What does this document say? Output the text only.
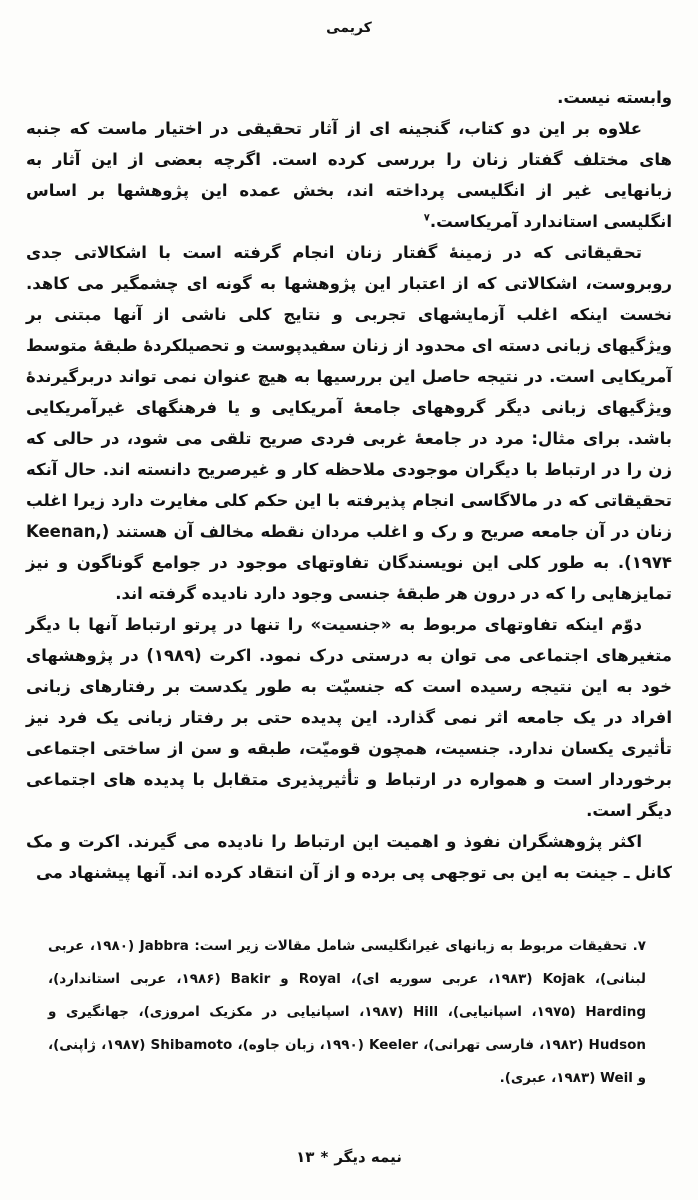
کریمی

وابسته نیست.

علاوه بر این دو کتاب، گنجینه ای از آثار تحقیقی در اختیار ماست که جنبه های مختلف گفتار زنان را بررسی کرده است. اگرچه بعضی از این آثار به زبانهایی غیر از انگلیسی پرداخته اند، بخش عمده این پژوهشها بر اساس انگلیسی استاندارد آمریکاست.$^۷$

تحقیقاتی که در زمینهٔ گفتار زنان انجام گرفته است با اشکالاتی جدی روبروست، اشکالاتی که از اعتبار این پژوهشها به گونه ای چشمگیر می کاهد. نخست اینکه اغلب آزمایشهای تجربی و نتایج کلی ناشی از آنها مبتنی بر ویژگیهای زبانی دسته ای محدود از زنان سفیدپوست و تحصیلکردهٔ طبقهٔ متوسط آمریکایی است. در نتیجه حاصل این بررسیها به هیچ عنوان نمی تواند دربرگیرندهٔ ویژگیهای زبانی دیگر گروههای جامعهٔ آمریکایی و یا فرهنگهای غیرآمریکایی باشد. برای مثال: مرد در جامعهٔ غربی فردی صریح تلقی می شود، در حالی که زن را در ارتباط با دیگران موجودی ملاحظه کار و غیرصریح دانسته اند. حال آنکه تحقیقاتی که در مالاگاسی انجام پذیرفته با این حکم کلی مغایرت دارد زیرا اغلب زنان در آن جامعه صریح و رک و اغلب مردان نقطه مخالف آن هستند (Keenan, ۱۹۷۴). به طور کلی این نویسندگان تفاوتهای موجود در جوامع گوناگون و نیز تمایزهایی را که در درون هر طبقهٔ جنسی وجود دارد نادیده گرفته اند.

دوّم اینکه تفاوتهای مربوط به «جنسیت» را تنها در پرتو ارتباط آنها با دیگر متغیرهای اجتماعی می توان به درستی درک نمود. اکرت (۱۹۸۹) در پژوهشهای خود به این نتیجه رسیده است که جنسیّت به طور یکدست بر رفتارهای زبانی افراد در یک جامعه اثر نمی گذارد. این پدیده حتی بر رفتار زبانی یک فرد نیز تأثیری یکسان ندارد. جنسیت، همچون قومیّت، طبقه و سن از ساختی اجتماعی برخوردار است و همواره در ارتباط و تأثیرپذیری متقابل با پدیده های اجتماعی دیگر است.

اکثر پژوهشگران نفوذ و اهمیت این ارتباط را نادیده می گیرند. اکرت و مک کانل ـ جینت به این بی توجهی پی برده و از آن انتقاد کرده اند. آنها پیشنهاد می

۷. تحقیقات مربوط به زبانهای غیرانگلیسی شامل مقالات زیر است: Jabbra (۱۹۸۰، عربی لبنانی)، Kojak (۱۹۸۳، عربی سوریه ای)، Royal و Bakir (۱۹۸۶، عربی استاندارد)، Harding (۱۹۷۵، اسپانیایی)، Hill (۱۹۸۷، اسپانیایی در مکزیک امروزی)، جهانگیری و Hudson (۱۹۸۲، فارسی تهرانی)، Keeler (۱۹۹۰، زبان جاوه)، Shibamoto (۱۹۸۷، ژاپنی)، و Weil (۱۹۸۳، عبری).
نیمه دیگر*۱۳
